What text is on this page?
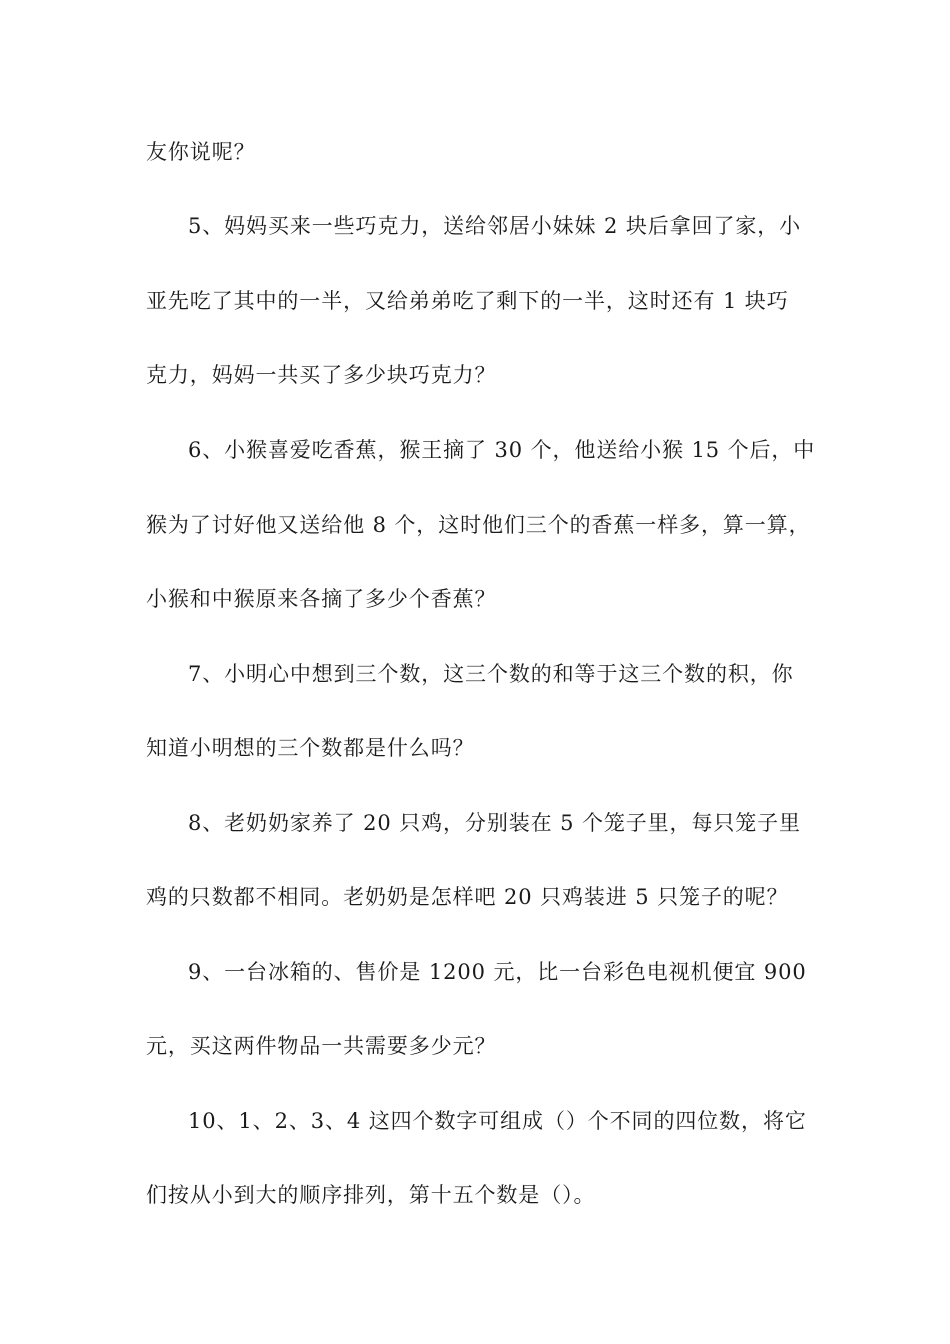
友你说呢？
5、妈妈买来一些巧克力，送给邻居小妹妹 2 块后拿回了家，小
亚先吃了其中的一半，又给弟弟吃了剩下的一半，这时还有 1 块巧
克力，妈妈一共买了多少块巧克力？
6、小猴喜爱吃香蕉，猴王摘了 30 个，他送给小猴 15 个后，中
猴为了讨好他又送给他 8 个，这时他们三个的香蕉一样多，算一算，
小猴和中猴原来各摘了多少个香蕉？
7、小明心中想到三个数，这三个数的和等于这三个数的积，你
知道小明想的三个数都是什么吗？
8、老奶奶家养了 20 只鸡，分别装在 5 个笼子里，每只笼子里
鸡的只数都不相同。老奶奶是怎样吧 20 只鸡装进 5 只笼子的呢？
9、一台冰箱的、售价是 1200 元，比一台彩色电视机便宜 900
元，买这两件物品一共需要多少元？
10、1、2、3、4 这四个数字可组成（）个不同的四位数，将它
们按从小到大的顺序排列，第十五个数是（）。
